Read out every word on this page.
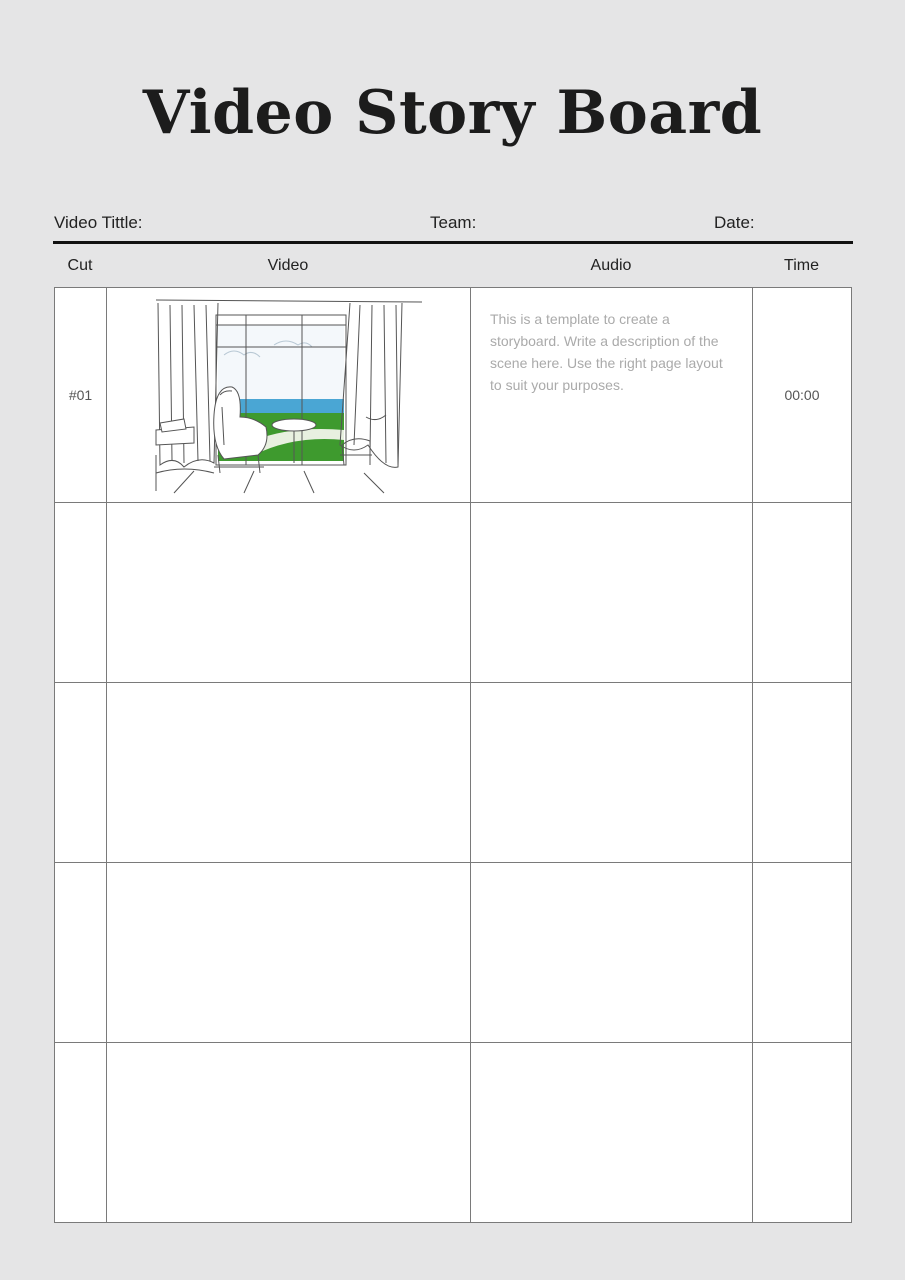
Video Story Board
Video Tittle:	Team:	Date:
Cut	Video	Audio	Time
#01		This is a template to create a storyboard. Write a description of the scene here. Use the right page layout to suit your purposes.	00:00
